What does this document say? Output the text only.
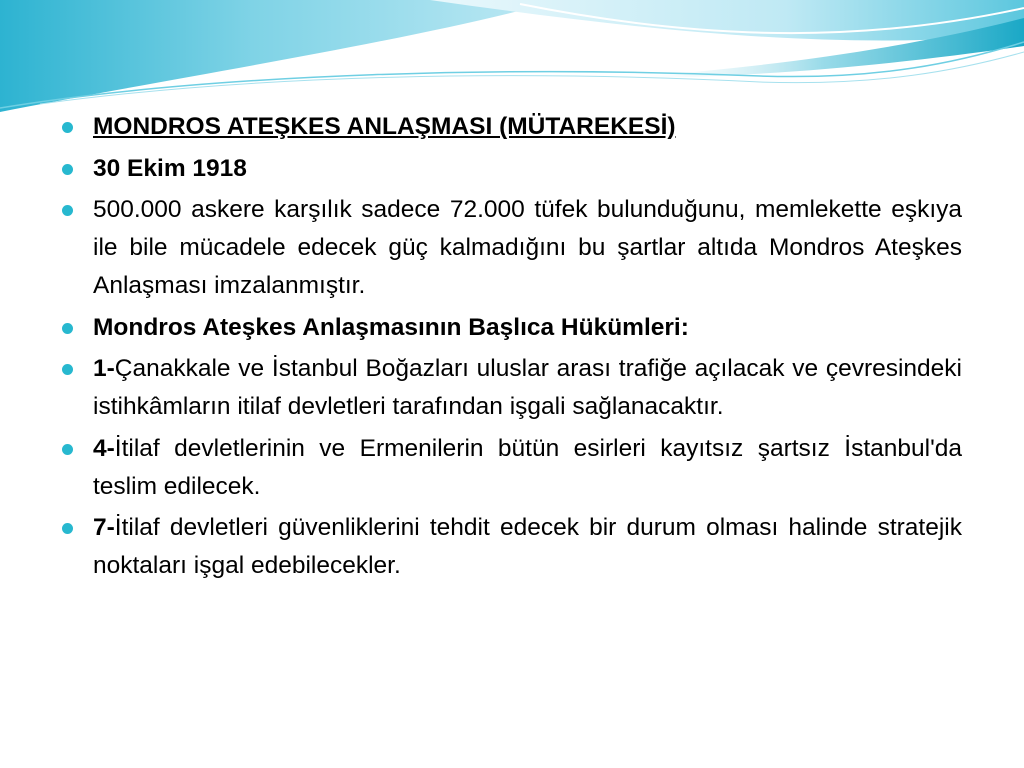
MONDROS ATEŞKES ANLAŞMASI (MÜTAREKESİ)
30 Ekim 1918
500.000 askere karşılık sadece 72.000 tüfek bulunduğunu, memlekette eşkıya ile bile mücadele edecek güç kalmadığını bu şartlar altıda Mondros Ateşkes Anlaşması imzalanmıştır.
Mondros Ateşkes Anlaşmasının Başlıca Hükümleri:
1-Çanakkale ve İstanbul Boğazları uluslar arası trafiğe açılacak ve çevresindeki istihkâmların itilaf devletleri tarafından işgali sağlanacaktır.
4-İtilaf devletlerinin ve Ermenilerin bütün esirleri kayıtsız şartsız İstanbul'da teslim edilecek.
7-İtilaf devletleri güvenliklerini tehdit edecek bir durum olması halinde stratejik noktaları işgal edebilecekler.
